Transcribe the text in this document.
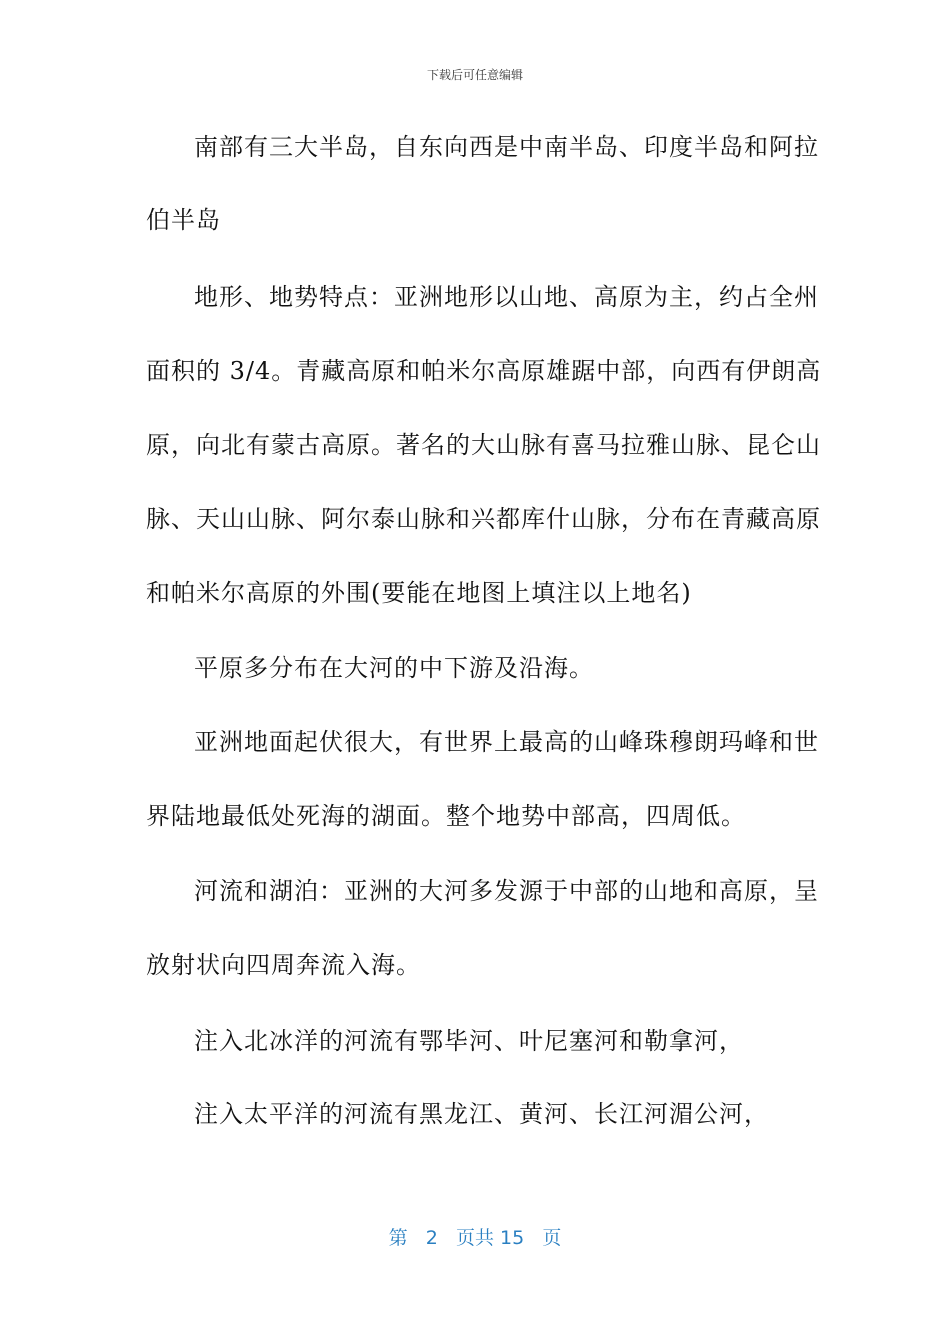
下载后可任意编辑
南部有三大半岛，自东向西是中南半岛、印度半岛和阿拉
伯半岛
地形、地势特点：亚洲地形以山地、高原为主，约占全州
面积的 3/4。青藏高原和帕米尔高原雄踞中部，向西有伊朗高
原，向北有蒙古高原。著名的大山脉有喜马拉雅山脉、昆仑山
脉、天山山脉、阿尔泰山脉和兴都库什山脉，分布在青藏高原
和帕米尔高原的外围(要能在地图上填注以上地名)
平原多分布在大河的中下游及沿海。
亚洲地面起伏很大，有世界上最高的山峰珠穆朗玛峰和世
界陆地最低处死海的湖面。整个地势中部高，四周低。
河流和湖泊：亚洲的大河多发源于中部的山地和高原，呈
放射状向四周奔流入海。
注入北冰洋的河流有鄂毕河、叶尼塞河和勒拿河，
注入太平洋的河流有黑龙江、黄河、长江河湄公河，
第 2 页共 15 页
